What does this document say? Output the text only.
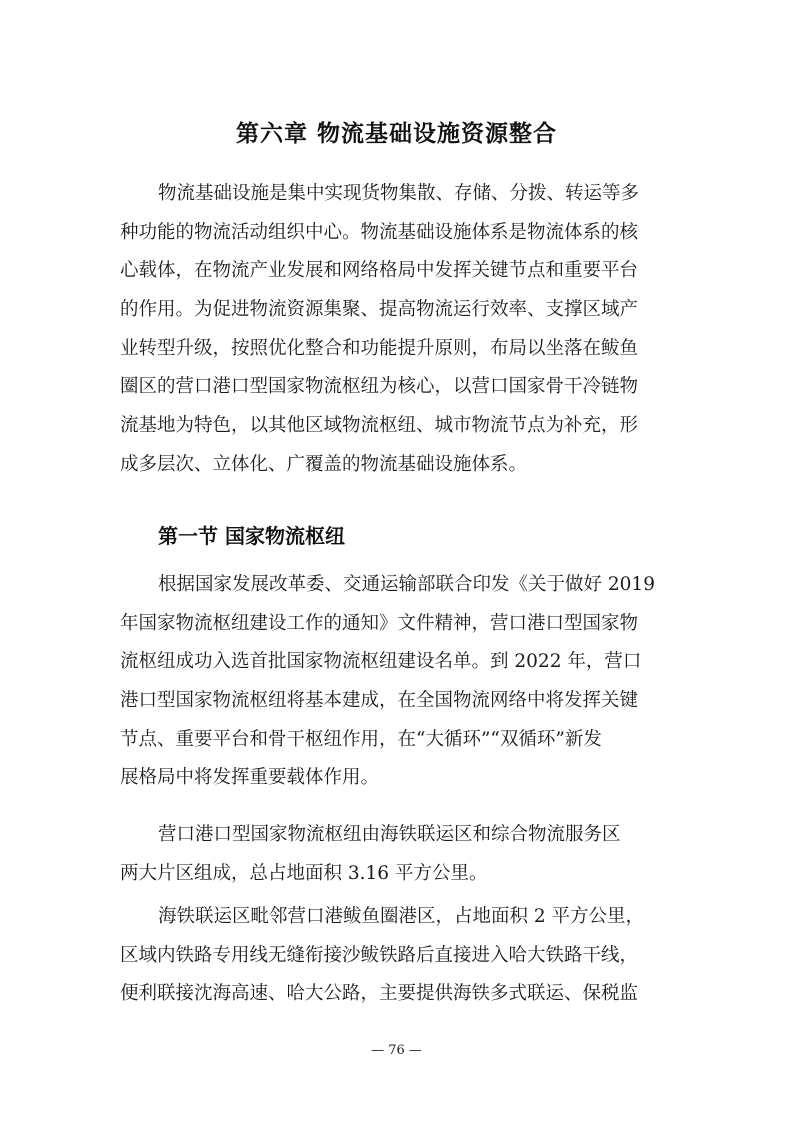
第六章 物流基础设施资源整合
物流基础设施是集中实现货物集散、存储、分拨、转运等多
种功能的物流活动组织中心。物流基础设施体系是物流体系的核
心载体，在物流产业发展和网络格局中发挥关键节点和重要平台
的作用。为促进物流资源集聚、提高物流运行效率、支撑区域产
业转型升级，按照优化整合和功能提升原则，布局以坐落在鲅鱼
圈区的营口港口型国家物流枢纽为核心，以营口国家骨干冷链物
流基地为特色，以其他区域物流枢纽、城市物流节点为补充，形
成多层次、立体化、广覆盖的物流基础设施体系。
第一节 国家物流枢纽
根据国家发展改革委、交通运输部联合印发《关于做好 2019
年国家物流枢纽建设工作的通知》文件精神，营口港口型国家物
流枢纽成功入选首批国家物流枢纽建设名单。到 2022 年，营口
港口型国家物流枢纽将基本建成，在全国物流网络中将发挥关键
节点、重要平台和骨干枢纽作用，在“大循环”“双循环”新发
展格局中将发挥重要载体作用。
营口港口型国家物流枢纽由海铁联运区和综合物流服务区
两大片区组成，总占地面积 3.16 平方公里。
海铁联运区毗邻营口港鲅鱼圈港区，占地面积 2 平方公里，
区域内铁路专用线无缝衔接沙鲅铁路后直接进入哈大铁路干线，
便利联接沈海高速、哈大公路，主要提供海铁多式联运、保税监
— 76 —
